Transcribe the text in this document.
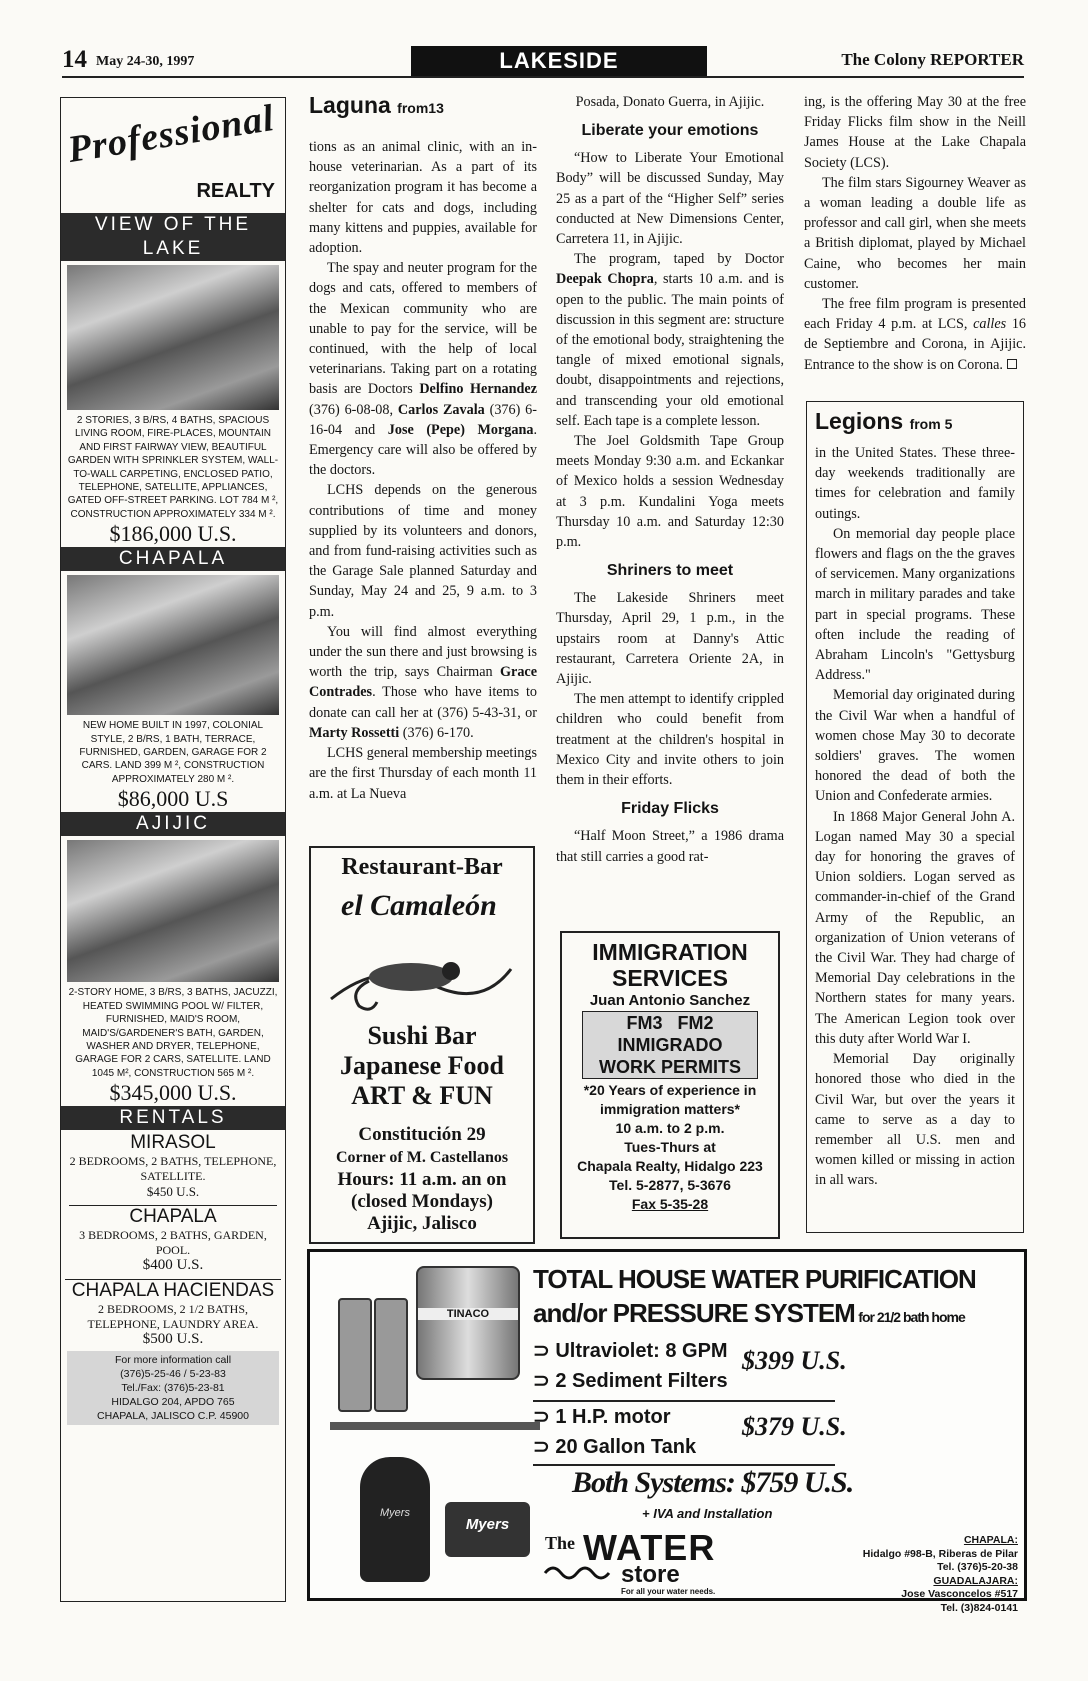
14 May 24-30, 1997	LAKESIDE	The Colony REPORTER
Professional
REALTY
VIEW OF THE LAKE
2 STORIES, 3 B/RS, 4 BATHS, SPACIOUS LIVING ROOM, FIRE-PLACES, MOUNTAIN AND FIRST FAIRWAY VIEW, BEAUTIFUL GARDEN WITH SPRINKLER SYSTEM, WALL-TO-WALL CARPETING, ENCLOSED PATIO, TELEPHONE, SATELLITE, APPLIANCES, GATED OFF-STREET PARKING. LOT 784 M ², CONSTRUCTION APPROXIMATELY 334 M ².
$186,000 U.S.
CHAPALA
NEW HOME BUILT IN 1997, COLONIAL STYLE, 2 B/RS, 1 BATH, TERRACE, FURNISHED, GARDEN, GARAGE FOR 2 CARS. LAND 399 M ², CONSTRUCTION APPROXIMATELY 280 M ².
$86,000 U.S
AJIJIC
2-STORY HOME, 3 B/RS, 3 BATHS, JACUZZI, HEATED SWIMMING POOL W/ FILTER, FURNISHED, MAID'S ROOM, MAID'S/GARDENER'S BATH, GARDEN, WASHER AND DRYER, TELEPHONE, GARAGE FOR 2 CARS, SATELLITE. LAND 1045 M², CONSTRUCTION 565 M ².
$345,000 U.S.
RENTALS
MIRASOL
2 BEDROOMS, 2 BATHS, TELEPHONE, SATELLITE.
$450 U.S.
CHAPALA
3 BEDROOMS, 2 BATHS, GARDEN, POOL.
$400 U.S.
CHAPALA HACIENDAS
2 BEDROOMS, 2 1/2 BATHS, TELEPHONE, LAUNDRY AREA.
$500 U.S.
For more information call
(376)5-25-46 / 5-23-83
Tel./Fax: (376)5-23-81
HIDALGO 204, APDO 765
CHAPALA, JALISCO C.P. 45900
Laguna from13

tions as an animal clinic, with an in-house veterinarian. As a part of its reorganization program it has become a shelter for cats and dogs, including many kittens and puppies, available for adoption.

The spay and neuter program for the dogs and cats, offered to members of the Mexican community who are unable to pay for the service, will be continued, with the help of local veterinarians. Taking part on a rotating basis are Doctors Delfino Hernandez (376) 6-08-08, Carlos Zavala (376) 6-16-04 and Jose (Pepe) Morgana. Emergency care will also be offered by the doctors.

LCHS depends on the generous contributions of time and money supplied by its volunteers and donors, and from fund-raising activities such as the Garage Sale planned Saturday and Sunday, May 24 and 25, 9 a.m. to 3 p.m.

You will find almost everything under the sun there and just browsing is worth the trip, says Chairman Grace Contrades. Those who have items to donate can call her at (376) 5-43-31, or Marty Rossetti (376) 6-170.

LCHS general membership meetings are the first Thursday of each month 11 a.m. at La Nueva

Restaurant-Bar
el Camaleón
Sushi Bar
Japanese Food
ART & FUN
Constitución 29
Corner of M. Castellanos
Hours: 11 a.m. an on
(closed Mondays)
Ajijic, Jalisco

Posada, Donato Guerra, in Ajijic.

Liberate your emotions

“How to Liberate Your Emotional Body” will be discussed Sunday, May 25 as a part of the “Higher Self” series conducted at New Dimensions Center, Carretera 11, in Ajijic.

The program, taped by Doctor Deepak Chopra, starts 10 a.m. and is open to the public. The main points of discussion in this segment are: structure of the emotional body, straightening the tangle of mixed emotional signals, doubt, disappointments and rejections, and transcending your old emotional self. Each tape is a complete lesson.

The Joel Goldsmith Tape Group meets Monday 9:30 a.m. and Eckankar of Mexico holds a session Wednesday at 3 p.m. Kundalini Yoga meets Thursday 10 a.m. and Saturday 12:30 p.m.

Shriners to meet

The Lakeside Shriners meet Thursday, April 29, 1 p.m., in the upstairs room at Danny's Attic restaurant, Carretera Oriente 2A, in Ajijic.

The men attempt to identify crippled children who could benefit from treatment at the children's hospital in Mexico City and invite others to join them in their efforts.

Friday Flicks

“Half Moon Street,” a 1986 drama that still carries a good rat-

IMMIGRATION
SERVICES
Juan Antonio Sanchez
FM3   FM2
INMIGRADO
WORK PERMITS
*20 Years of experience in
immigration matters*
10 a.m. to 2 p.m.
Tues-Thurs at
Chapala Realty, Hidalgo 223
Tel. 5-2877, 5-3676
Fax 5-35-28

ing, is the offering May 30 at the free Friday Flicks film show in the Neill James House at the Lake Chapala Society (LCS).

The film stars Sigourney Weaver as a woman leading a double life as professor and call girl, when she meets a British diplomat, played by Michael Caine, who becomes her main customer.

The free film program is presented each Friday 4 p.m. at LCS, calles 16 de Septiembre and Corona, in Ajijic. Entrance to the show is on Corona.

Legions from 5

in the United States. These three-day weekends traditionally are times for celebration and family outings.

On memorial day people place flowers and flags on the the graves of servicemen. Many organizations march in military parades and take part in special programs. These often include the reading of Abraham Lincoln's "Gettysburg Address."

Memorial day originated during the Civil War when a handful of women chose May 30 to decorate soldiers' graves. The women honored the dead of both the Union and Confederate armies.

In 1868 Major General John A. Logan named May 30 a special day for honoring the graves of Union soldiers. Logan served as commander-in-chief of the Grand Army of the Republic, an organization of Union veterans of the Civil War. They had charge of Memorial Day celebrations in the Northern states for many years. The American Legion took over this duty after World War I.

Memorial Day originally honored those who died in the Civil War, but over the years it came to serve as a day to remember all U.S. men and women killed or missing in action in all wars.

TINACO
Myers
Myers
TOTAL HOUSE WATER PURIFICATION
and/or PRESSURE SYSTEM for 21/2 bath home
⊃ Ultraviolet: 8 GPM
⊃ 2 Sediment Filters
$399 U.S.
⊃ 1 H.P. motor
⊃ 20 Gallon Tank
$379 U.S.
Both Systems: $759 U.S.
+ IVA and Installation
The WATER
store
For all your water needs.
CHAPALA:
Hidalgo #98-B, Riberas de Pilar
Tel. (376)5-20-38
GUADALAJARA:
Jose Vasconcelos #517
Tel. (3)824-0141
